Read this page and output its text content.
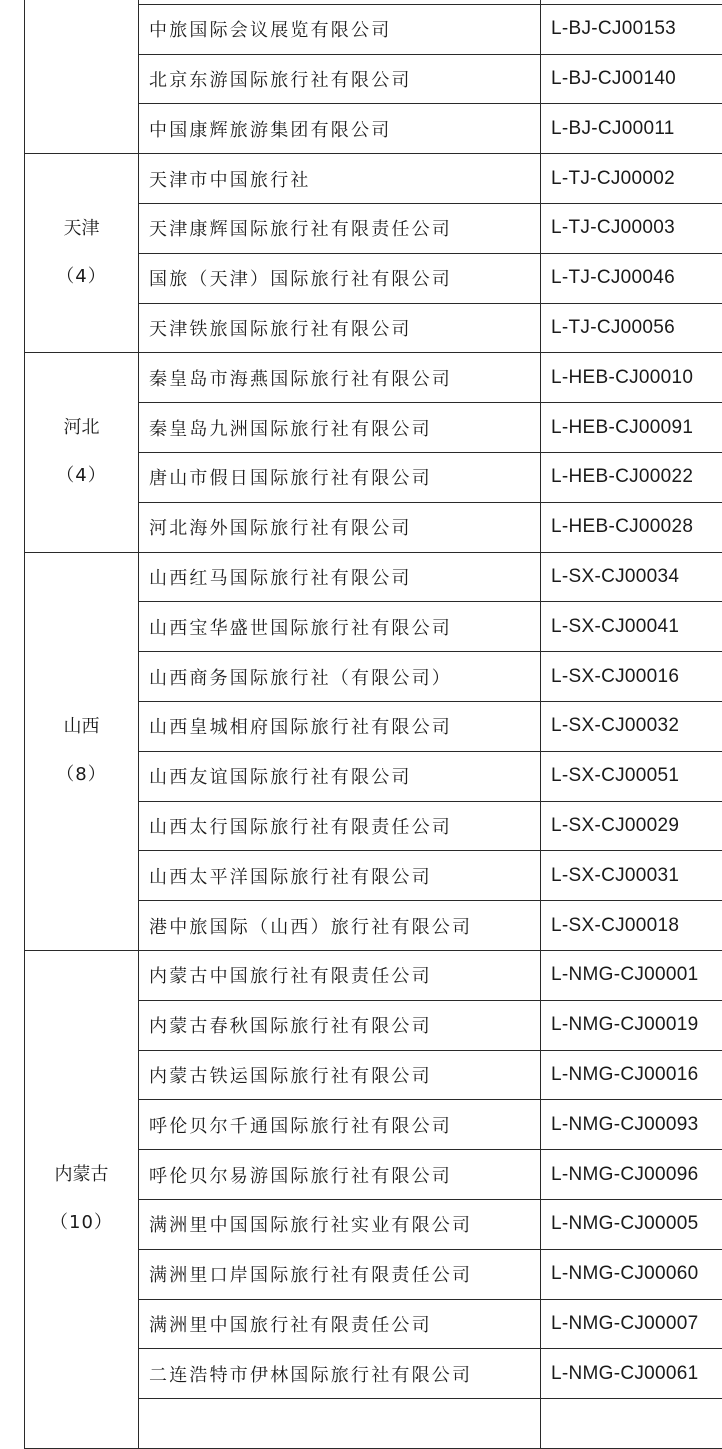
	中旅国际会议展览有限公司	L-BJ-CJ00153
	北京东游国际旅行社有限公司	L-BJ-CJ00140
	中国康辉旅游集团有限公司	L-BJ-CJ00011

天津
（4）	天津市中国旅行社	L-TJ-CJ00002
	天津康辉国际旅行社有限责任公司	L-TJ-CJ00003
	国旅（天津）国际旅行社有限公司	L-TJ-CJ00046
	天津铁旅国际旅行社有限公司	L-TJ-CJ00056

河北
（4）	秦皇岛市海燕国际旅行社有限公司	L-HEB-CJ00010
	秦皇岛九洲国际旅行社有限公司	L-HEB-CJ00091
	唐山市假日国际旅行社有限公司	L-HEB-CJ00022
	河北海外国际旅行社有限公司	L-HEB-CJ00028

山西
（8）	山西红马国际旅行社有限公司	L-SX-CJ00034
	山西宝华盛世国际旅行社有限公司	L-SX-CJ00041
	山西商务国际旅行社（有限公司）	L-SX-CJ00016
	山西皇城相府国际旅行社有限公司	L-SX-CJ00032
	山西友谊国际旅行社有限公司	L-SX-CJ00051
	山西太行国际旅行社有限责任公司	L-SX-CJ00029
	山西太平洋国际旅行社有限公司	L-SX-CJ00031
	港中旅国际（山西）旅行社有限公司	L-SX-CJ00018

内蒙古
（10）	内蒙古中国旅行社有限责任公司	L-NMG-CJ00001
	内蒙古春秋国际旅行社有限公司	L-NMG-CJ00019
	内蒙古铁运国际旅行社有限公司	L-NMG-CJ00016
	呼伦贝尔千通国际旅行社有限公司	L-NMG-CJ00093
	呼伦贝尔易游国际旅行社有限公司	L-NMG-CJ00096
	满洲里中国国际旅行社实业有限公司	L-NMG-CJ00005
	满洲里口岸国际旅行社有限责任公司	L-NMG-CJ00060
	满洲里中国旅行社有限责任公司	L-NMG-CJ00007
	二连浩特市伊林国际旅行社有限公司	L-NMG-CJ00061
